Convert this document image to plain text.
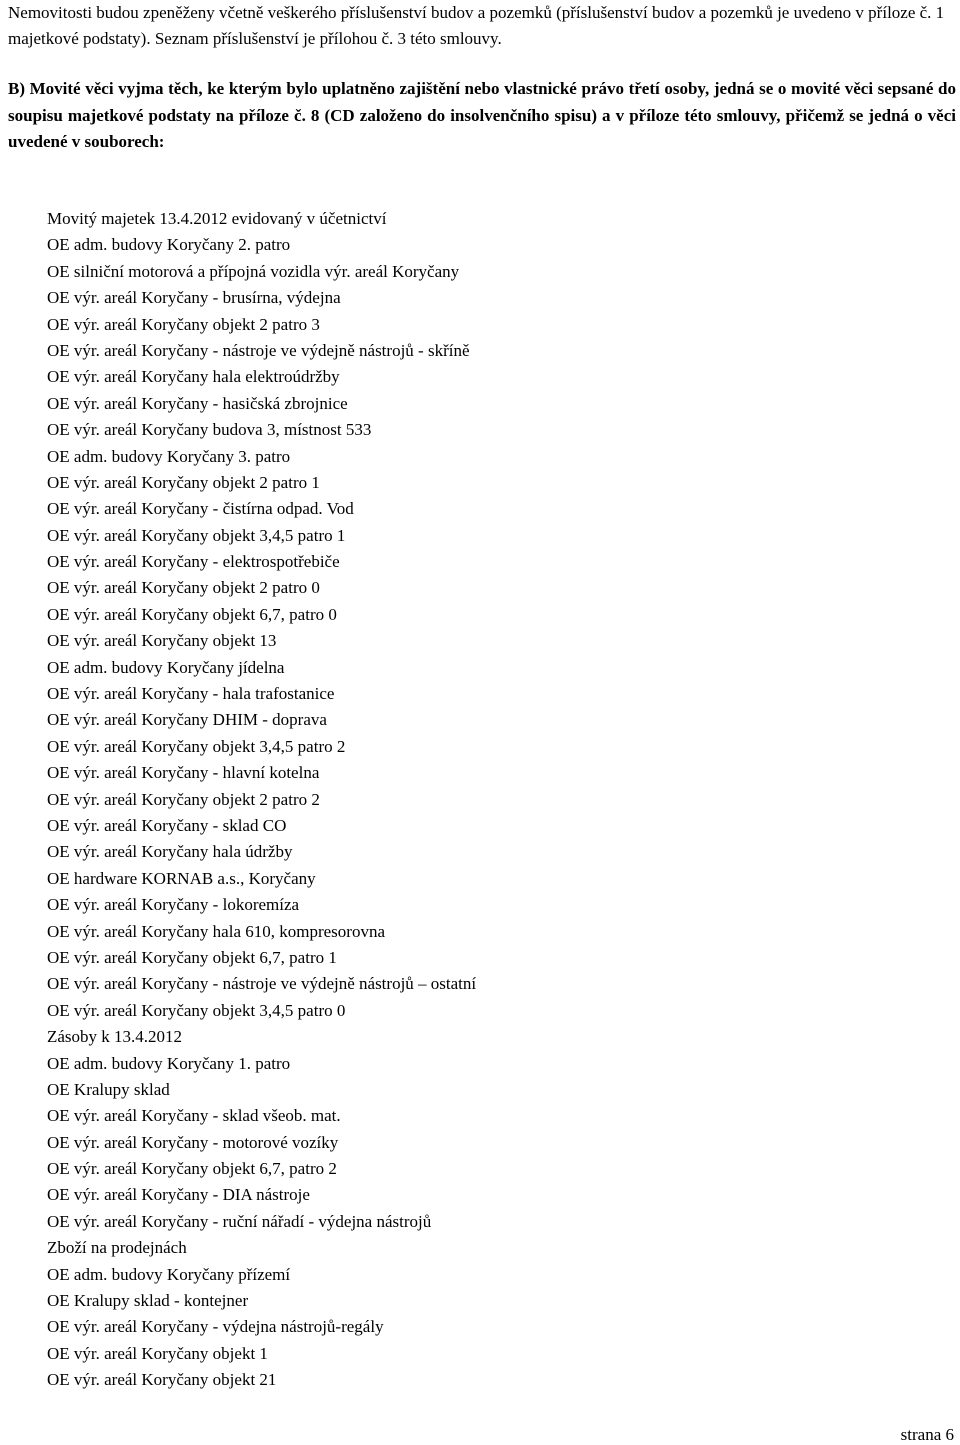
Nemovitosti budou zpeněženy včetně veškerého příslušenství budov a pozemků (příslušenství budov a pozemků je uvedeno v příloze č. 1 majetkové podstaty). Seznam příslušenství je přílohou č. 3 této smlouvy.

B) Movité věci vyjma těch, ke kterým bylo uplatněno zajištění nebo vlastnické právo třetí osoby, jedná se o movité věci sepsané do soupisu majetkové podstaty na příloze č. 8 (CD založeno do insolvenčního spisu) a v příloze této smlouvy, přičemž se jedná o věci uvedené v souborech:
Movitý majetek 13.4.2012 evidovaný v účetnictví
OE adm. budovy Koryčany 2. patro
OE silniční motorová a přípojná vozidla výr. areál Koryčany
OE výr. areál Koryčany - brusírna, výdejna
OE výr. areál Koryčany objekt 2 patro 3
OE výr. areál Koryčany - nástroje ve výdejně nástrojů - skříně
OE výr. areál Koryčany hala elektroúdržby
OE výr. areál Koryčany - hasičská zbrojnice
OE výr. areál Koryčany budova 3, místnost 533
OE adm. budovy Koryčany 3. patro
OE výr. areál Koryčany objekt 2 patro 1
OE výr. areál Koryčany - čistírna odpad. Vod
OE výr. areál Koryčany objekt 3,4,5 patro 1
OE výr. areál Koryčany - elektrospotřebiče
OE výr. areál Koryčany objekt 2 patro 0
OE výr. areál Koryčany objekt 6,7, patro 0
OE výr. areál Koryčany objekt 13
OE adm. budovy Koryčany jídelna
OE výr. areál Koryčany - hala trafostanice
OE výr. areál Koryčany DHIM - doprava
OE výr. areál Koryčany objekt 3,4,5 patro 2
OE výr. areál Koryčany - hlavní kotelna
OE výr. areál Koryčany objekt 2 patro 2
OE výr. areál Koryčany - sklad CO
OE výr. areál Koryčany hala údržby
OE hardware KORNAB a.s., Koryčany
OE výr. areál Koryčany - lokoremíza
OE výr. areál Koryčany hala 610, kompresorovna
OE výr. areál Koryčany objekt 6,7, patro 1
OE výr. areál Koryčany - nástroje ve výdejně nástrojů – ostatní
OE výr. areál Koryčany objekt 3,4,5 patro 0
Zásoby k 13.4.2012
OE adm. budovy Koryčany 1. patro
OE Kralupy sklad
OE výr. areál Koryčany - sklad všeob. mat.
OE výr. areál Koryčany - motorové vozíky
OE výr. areál Koryčany objekt 6,7, patro 2
OE výr. areál Koryčany - DIA nástroje
OE výr. areál Koryčany - ruční nářadí - výdejna nástrojů
Zboží na prodejnách
OE adm. budovy Koryčany přízemí
OE Kralupy sklad - kontejner
OE výr. areál Koryčany - výdejna nástrojů-regály
OE výr. areál Koryčany objekt 1
OE výr. areál Koryčany objekt 21
strana 6
